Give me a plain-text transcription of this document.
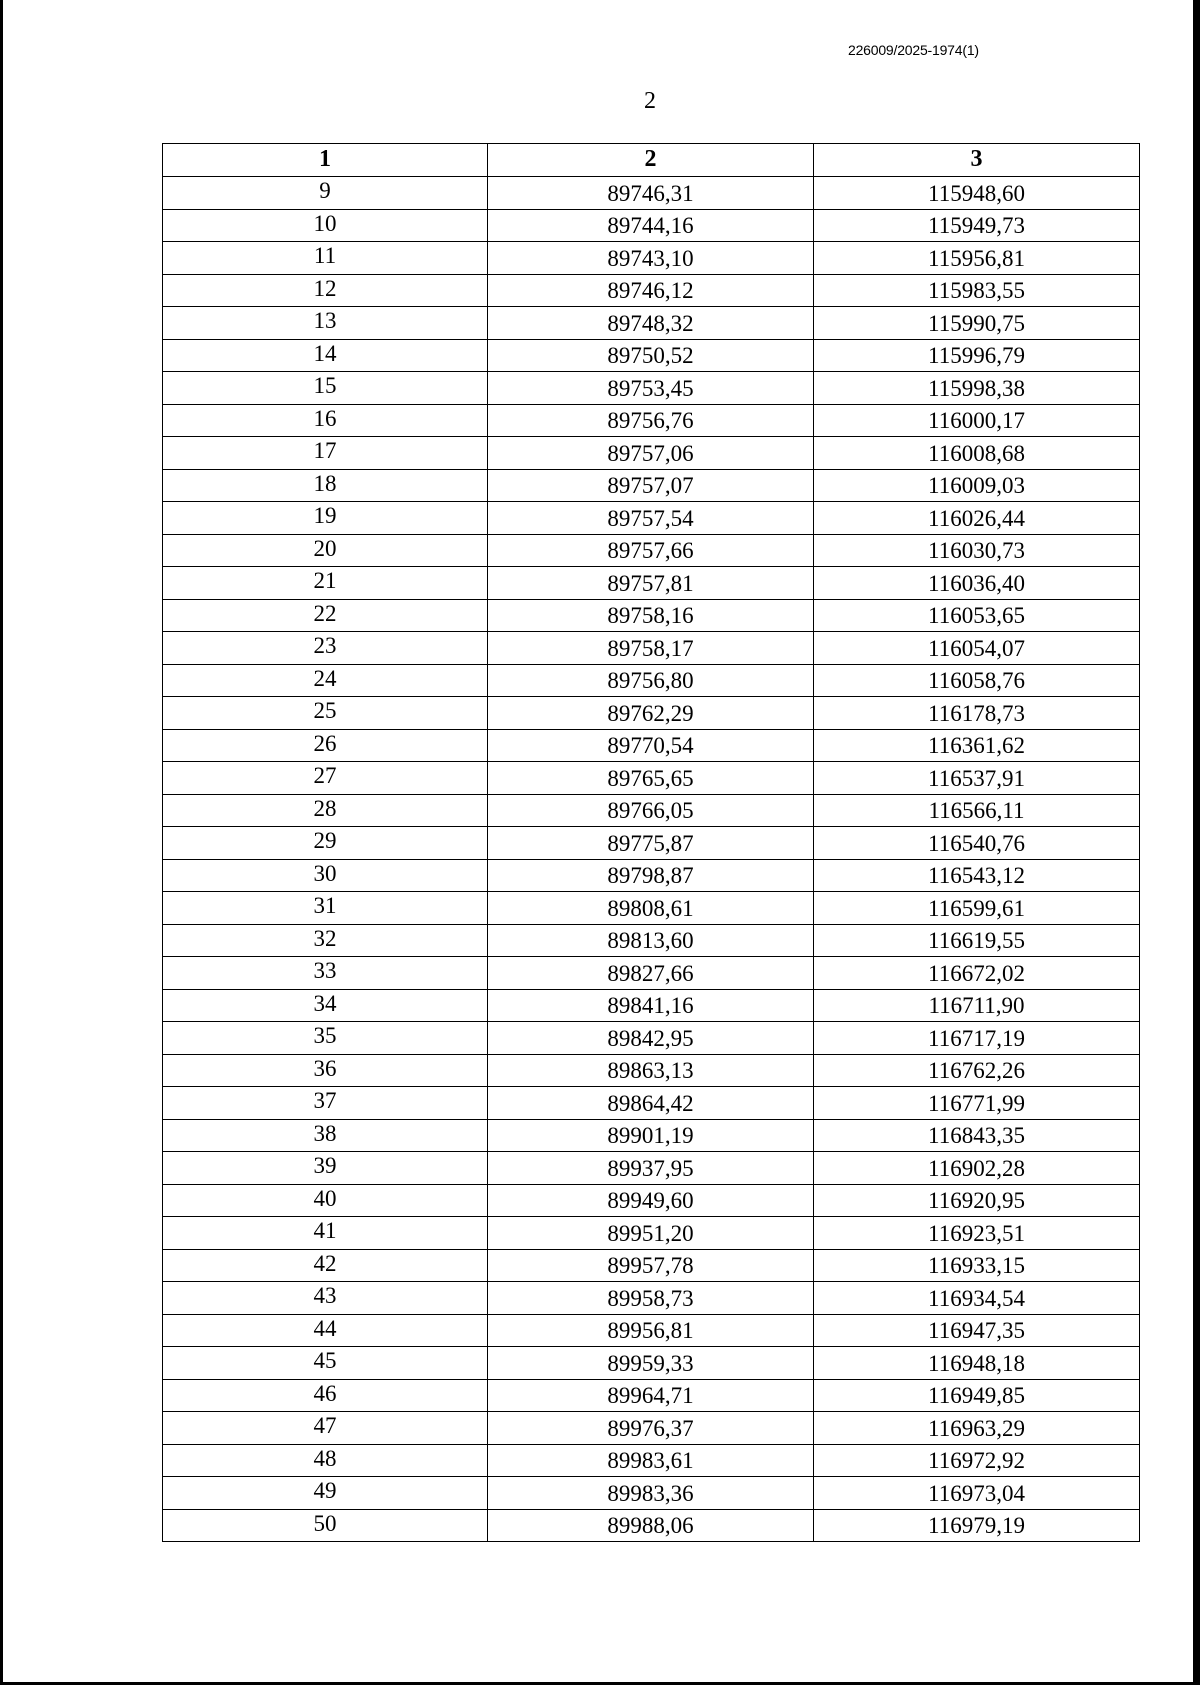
226009/2025-1974(1)
2
1	2	3
9	89746,31	115948,60
10	89744,16	115949,73
11	89743,10	115956,81
12	89746,12	115983,55
13	89748,32	115990,75
14	89750,52	115996,79
15	89753,45	115998,38
16	89756,76	116000,17
17	89757,06	116008,68
18	89757,07	116009,03
19	89757,54	116026,44
20	89757,66	116030,73
21	89757,81	116036,40
22	89758,16	116053,65
23	89758,17	116054,07
24	89756,80	116058,76
25	89762,29	116178,73
26	89770,54	116361,62
27	89765,65	116537,91
28	89766,05	116566,11
29	89775,87	116540,76
30	89798,87	116543,12
31	89808,61	116599,61
32	89813,60	116619,55
33	89827,66	116672,02
34	89841,16	116711,90
35	89842,95	116717,19
36	89863,13	116762,26
37	89864,42	116771,99
38	89901,19	116843,35
39	89937,95	116902,28
40	89949,60	116920,95
41	89951,20	116923,51
42	89957,78	116933,15
43	89958,73	116934,54
44	89956,81	116947,35
45	89959,33	116948,18
46	89964,71	116949,85
47	89976,37	116963,29
48	89983,61	116972,92
49	89983,36	116973,04
50	89988,06	116979,19
